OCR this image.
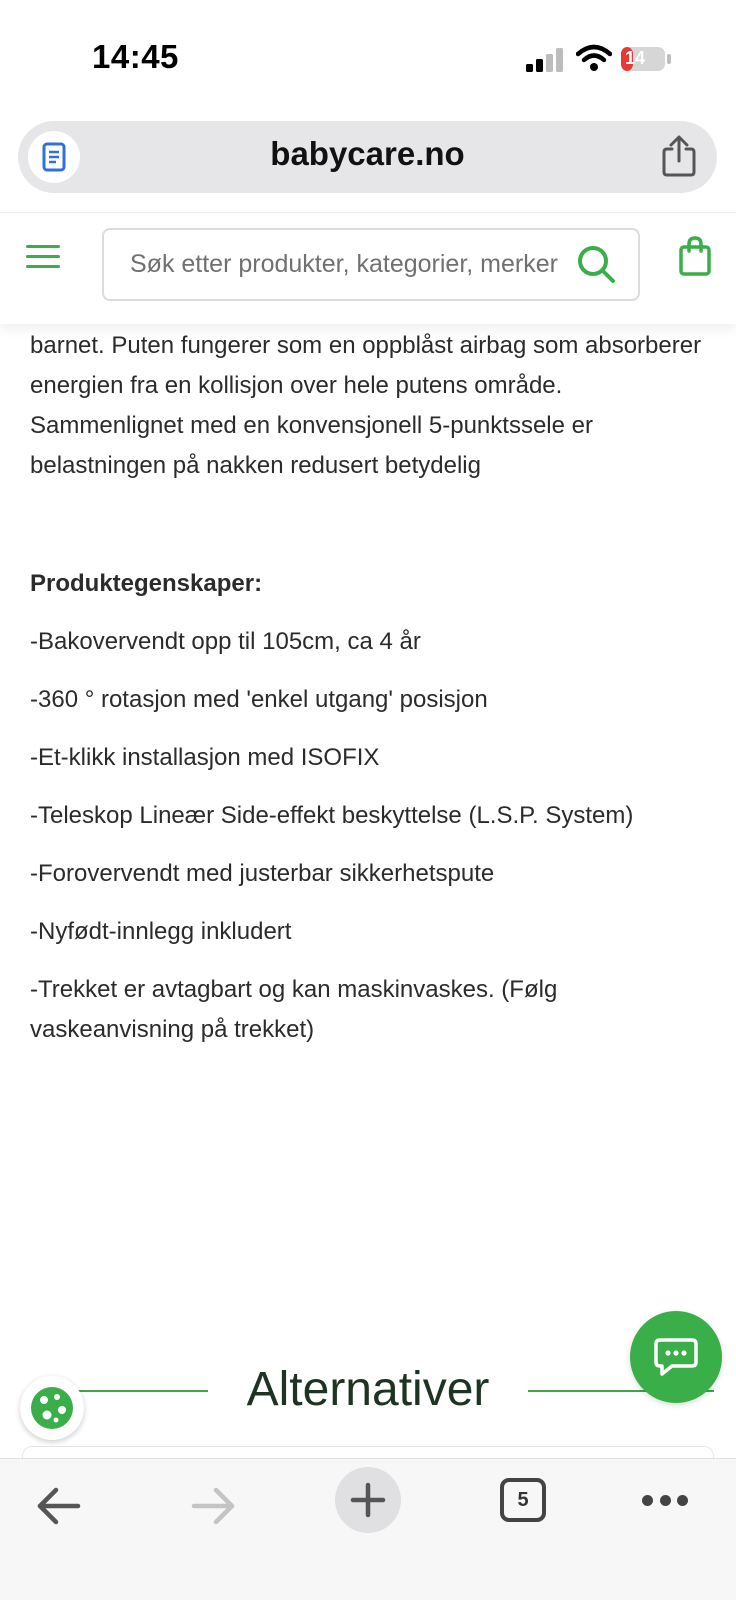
14:45	14
babycare.no
Søk etter produkter, kategorier, merker

barnet. Puten fungerer som en oppblåst airbag som absorberer energien fra en kollisjon over hele putens område. Sammenlignet med en konvensjonell 5-punktssele er belastningen på nakken redusert betydelig

Produktegenskaper:

-Bakovervendt opp til 105cm, ca 4 år

-360 ° rotasjon med 'enkel utgang' posisjon

-Et-klikk installasjon med ISOFIX

-Teleskop Lineær Side-effekt beskyttelse (L.S.P. System)

-Forovervendt med justerbar sikkerhetspute

-Nyfødt-innlegg inkludert

-Trekket er avtagbart og kan maskinvaskes. (Følg vaskeanvisning på trekket)

Alternativer
5
